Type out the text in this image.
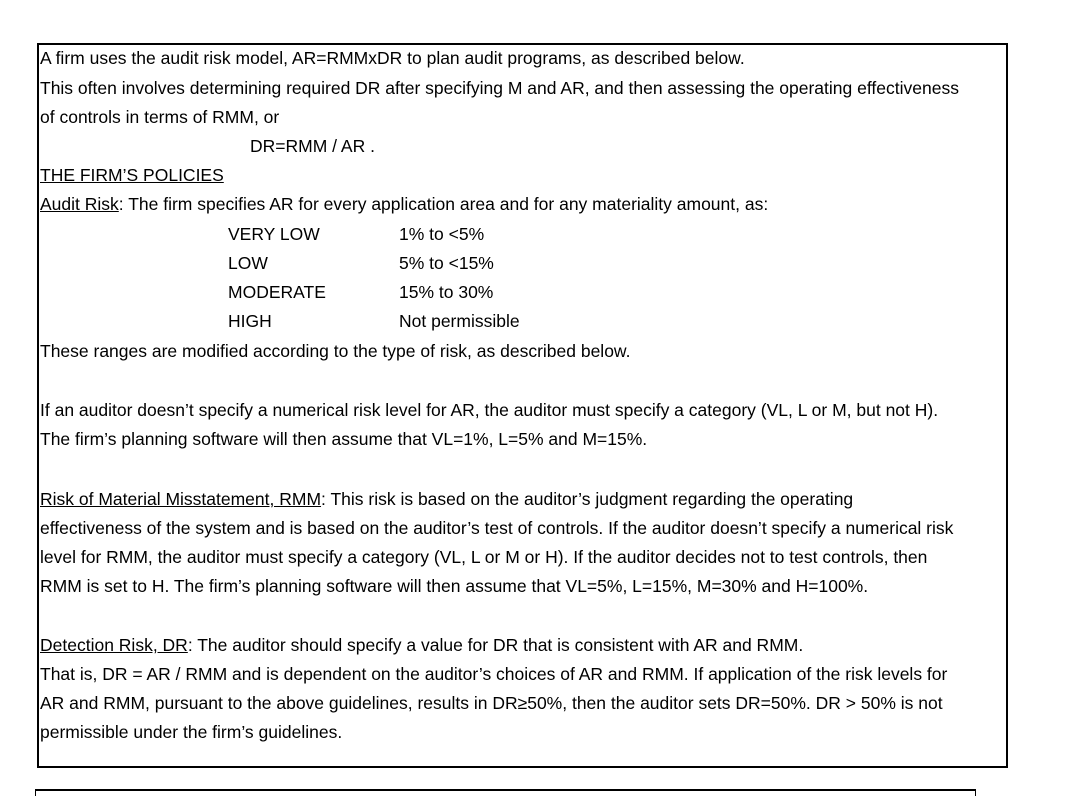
A firm uses the audit risk model, AR=RMMxDR to plan audit programs, as described below.
This often involves determining required DR after specifying M and AR, and then assessing the operating effectiveness
of controls in terms of RMM, or
DR=RMM / AR .
THE FIRM’S POLICIES
Audit Risk: The firm specifies AR for every application area and for any materiality amount, as:
VERY LOW	1% to <5%
LOW	5% to <15%
MODERATE	15% to 30%
HIGH	Not permissible
These ranges are modified according to the type of risk, as described below.
If an auditor doesn’t specify a numerical risk level for AR, the auditor must specify a category (VL, L or M, but not H).
The firm’s planning software will then assume that VL=1%, L=5% and M=15%.
Risk of Material Misstatement, RMM: This risk is based on the auditor’s judgment regarding the operating
effectiveness of the system and is based on the auditor’s test of controls. If the auditor doesn’t specify a numerical risk
level for RMM, the auditor must specify a category (VL, L or M or H). If the auditor decides not to test controls, then
RMM is set to H. The firm’s planning software will then assume that VL=5%, L=15%, M=30% and H=100%.
Detection Risk, DR: The auditor should specify a value for DR that is consistent with AR and RMM.
That is, DR = AR / RMM and is dependent on the auditor’s choices of AR and RMM. If application of the risk levels for
AR and RMM, pursuant to the above guidelines, results in DR≥50%, then the auditor sets DR=50%. DR > 50% is not
permissible under the firm’s guidelines.
